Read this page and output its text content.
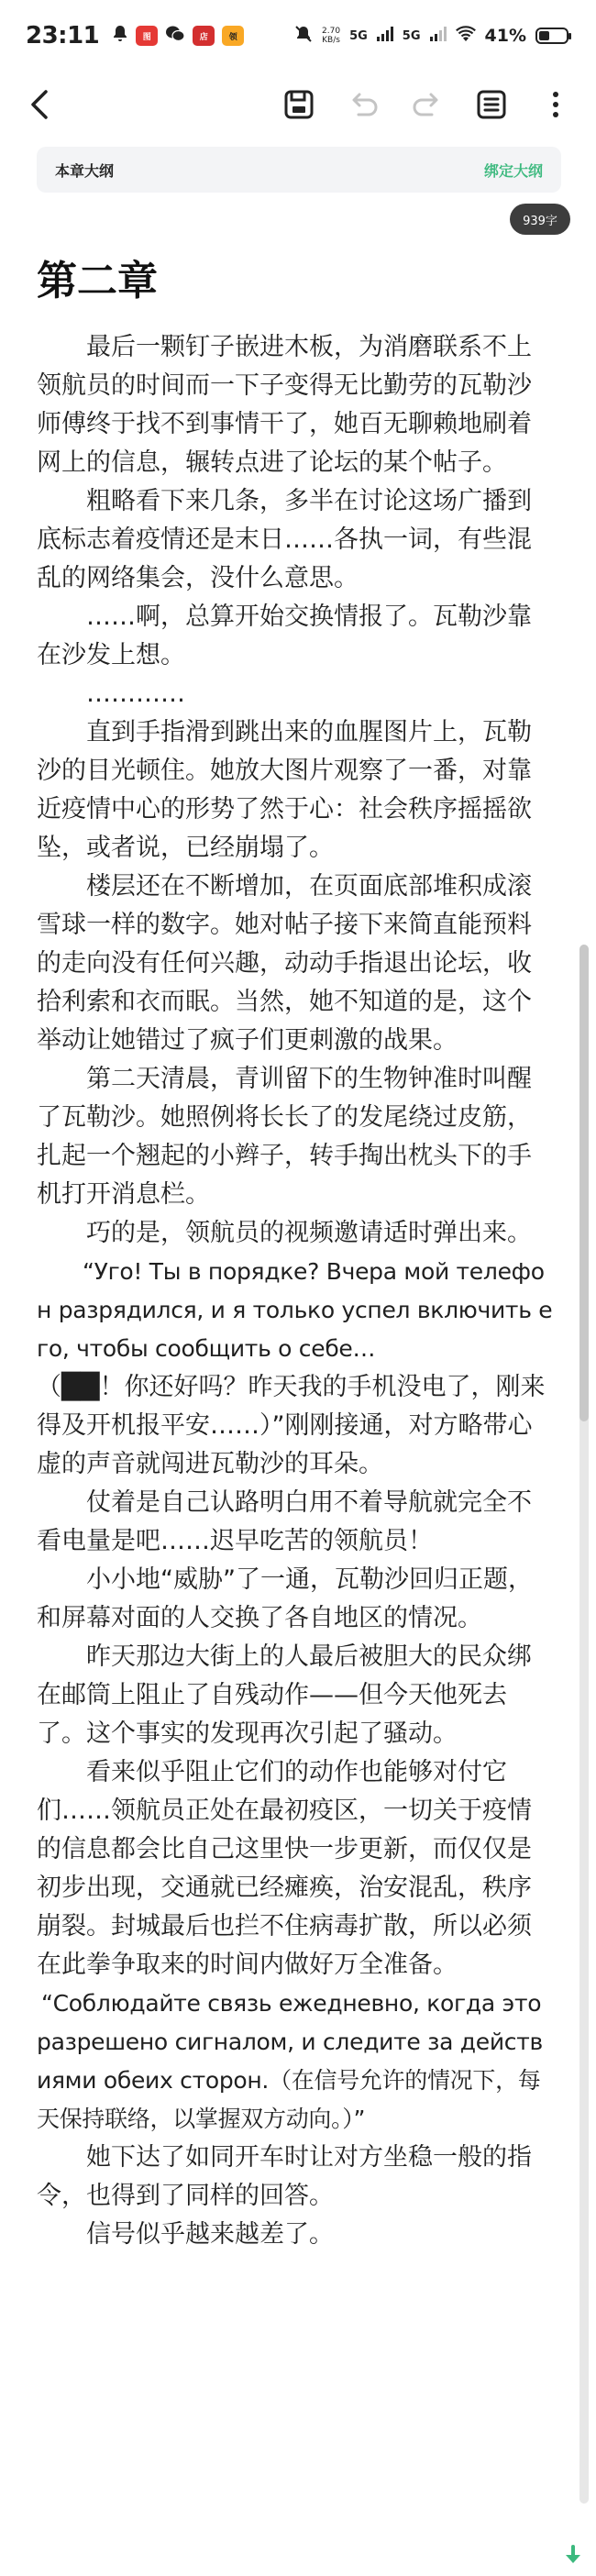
23:11	图	店	领
2.70
KB/s 5G	5G	41%
本章大纲	绑定大纲
939字
第二章

最后一颗钉子嵌进木板，为消磨联系不上领航员的时间而一下子变得无比勤劳的瓦勒沙师傅终于找不到事情干了，她百无聊赖地刷着网上的信息，辗转点进了论坛的某个帖子。

粗略看下来几条，多半在讨论这场广播到底标志着疫情还是末日……各执一词，有些混乱的网络集会，没什么意思。

……啊，总算开始交换情报了。瓦勒沙靠在沙发上想。

…………

直到手指滑到跳出来的血腥图片上，瓦勒沙的目光顿住。她放大图片观察了一番，对靠近疫情中心的形势了然于心：社会秩序摇摇欲坠，或者说，已经崩塌了。

楼层还在不断增加，在页面底部堆积成滚雪球一样的数字。她对帖子接下来简直能预料的走向没有任何兴趣，动动手指退出论坛，收拾利索和衣而眠。当然，她不知道的是，这个举动让她错过了疯子们更刺激的战果。

第二天清晨，青训留下的生物钟准时叫醒了瓦勒沙。她照例将长长了的发尾绕过皮筋，扎起一个翘起的小辫子，转手掏出枕头下的手机打开消息栏。

巧的是，领航员的视频邀请适时弹出来。

“Уго! Ты в порядке? Вчера мой телефон разрядился, и я только успел включить его, чтобы сообщить о себе…

（██！你还好吗？昨天我的手机没电了，刚来得及开机报平安……）”刚刚接通，对方略带心虚的声音就闯进瓦勒沙的耳朵。

仗着是自己认路明白用不着导航就完全不看电量是吧……迟早吃苦的领航员！

小小地“威胁”了一通，瓦勒沙回归正题，和屏幕对面的人交换了各自地区的情况。

昨天那边大街上的人最后被胆大的民众绑在邮筒上阻止了自残动作——但今天他死去了。这个事实的发现再次引起了骚动。

看来似乎阻止它们的动作也能够对付它们……领航员正处在最初疫区，一切关于疫情的信息都会比自己这里快一步更新，而仅仅是初步出现，交通就已经瘫痪，治安混乱，秩序崩裂。封城最后也拦不住病毒扩散，所以必须在此拳争取来的时间内做好万全准备。

“Соблюдайте связь ежедневно, когда это разрешено сигналом, и следите за действиями обеих сторон.（在信号允许的情况下，每天保持联络，以掌握双方动向。）”

她下达了如同开车时让对方坐稳一般的指令，也得到了同样的回答。

信号似乎越来越差了。
